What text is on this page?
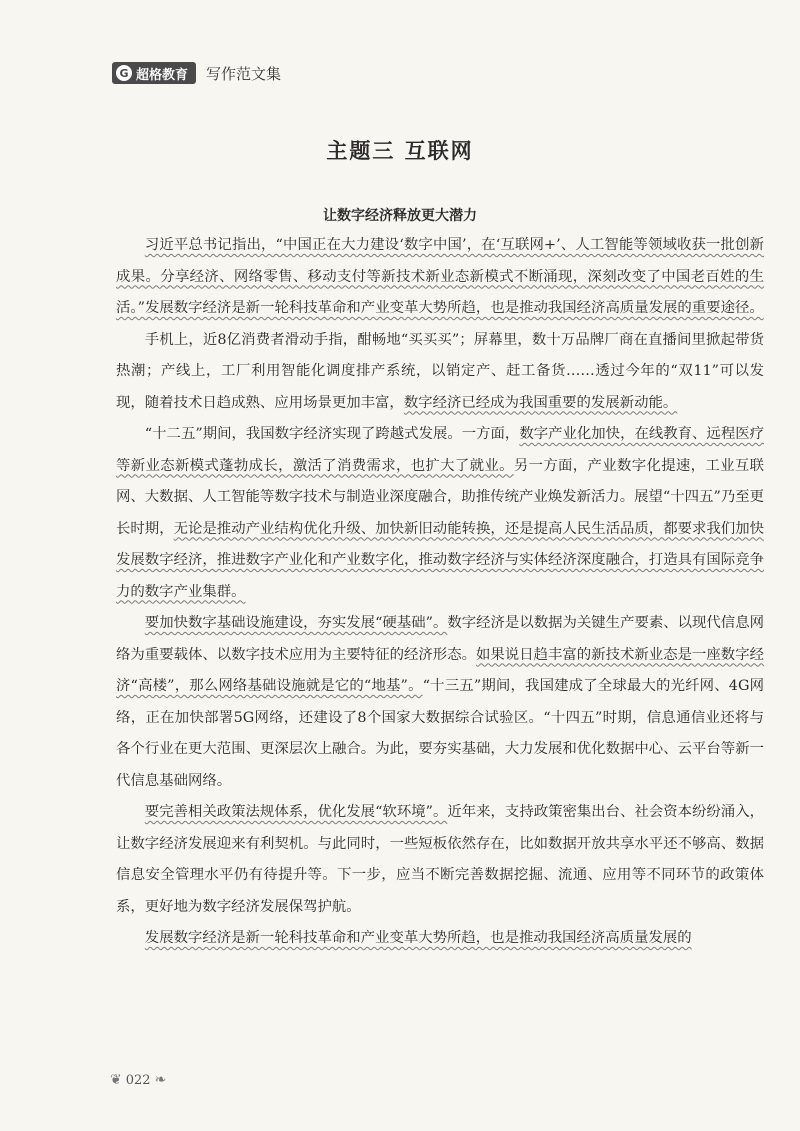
G 超格教育 写作范文集
主题三 互联网
让数字经济释放更大潜力

习近平总书记指出，“中国正在大力建设‘数字中国’，在‘互联网+’、人工智能等领域收获一批创新成果。分享经济、网络零售、移动支付等新技术新业态新模式不断涌现，深刻改变了中国老百姓的生活。”发展数字经济是新一轮科技革命和产业变革大势所趋，也是推动我国经济高质量发展的重要途径。

手机上，近8亿消费者滑动手指，酣畅地“买买买”；屏幕里，数十万品牌厂商在直播间里掀起带货热潮；产线上，工厂利用智能化调度排产系统，以销定产、赶工备货……透过今年的“双11”可以发现，随着技术日趋成熟、应用场景更加丰富，数字经济已经成为我国重要的发展新动能。

“十二五”期间，我国数字经济实现了跨越式发展。一方面，数字产业化加快，在线教育、远程医疗等新业态新模式蓬勃成长，激活了消费需求，也扩大了就业。另一方面，产业数字化提速，工业互联网、大数据、人工智能等数字技术与制造业深度融合，助推传统产业焕发新活力。展望“十四五”乃至更长时期，无论是推动产业结构优化升级、加快新旧动能转换，还是提高人民生活品质，都要求我们加快发展数字经济，推进数字产业化和产业数字化，推动数字经济与实体经济深度融合，打造具有国际竞争力的数字产业集群。

要加快数字基础设施建设，夯实发展“硬基础”。数字经济是以数据为关键生产要素、以现代信息网络为重要载体、以数字技术应用为主要特征的经济形态。如果说日趋丰富的新技术新业态是一座数字经济“高楼”，那么网络基础设施就是它的“地基”。“十三五”期间，我国建成了全球最大的光纤网、4G网络，正在加快部署5G网络，还建设了8个国家大数据综合试验区。“十四五”时期，信息通信业还将与各个行业在更大范围、更深层次上融合。为此，要夯实基础，大力发展和优化数据中心、云平台等新一代信息基础网络。

要完善相关政策法规体系，优化发展“软环境”。近年来，支持政策密集出台、社会资本纷纷涌入，让数字经济发展迎来有利契机。与此同时，一些短板依然存在，比如数据开放共享水平还不够高、数据信息安全管理水平仍有待提升等。下一步，应当不断完善数据挖掘、流通、应用等不同环节的政策体系，更好地为数字经济发展保驾护航。

发展数字经济是新一轮科技革命和产业变革大势所趋，也是推动我国经济高质量发展的

❦ 022 ❧
